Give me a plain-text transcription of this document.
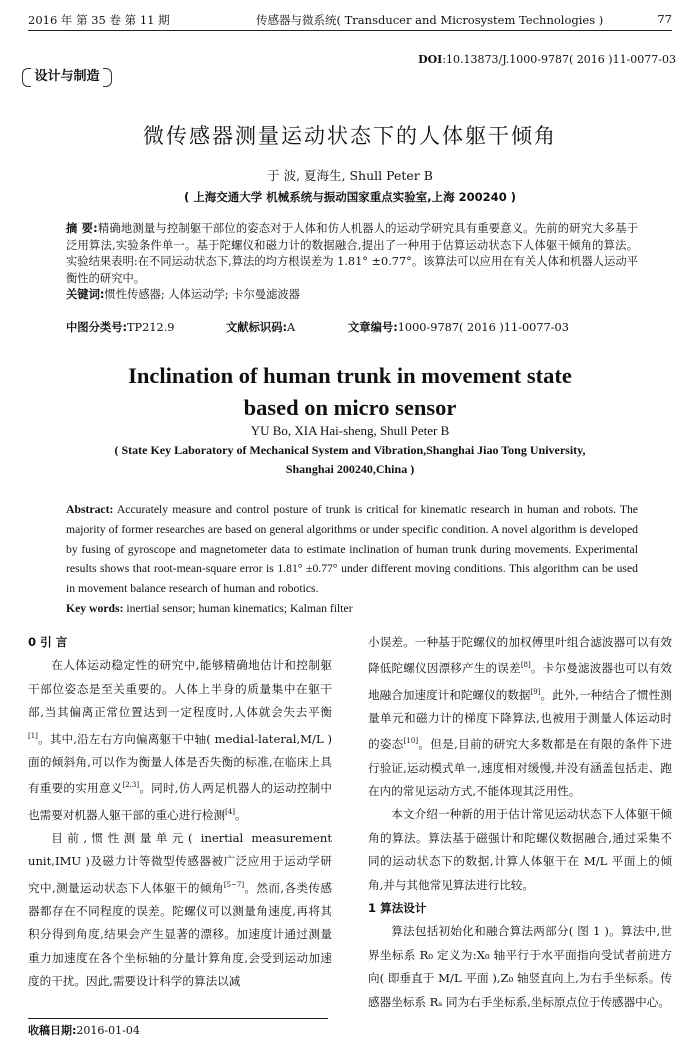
2016 年 第 35 卷 第 11 期	传感器与微系统( Transducer and Microsystem Technologies )	77
DOI:10.13873/J.1000-9787( 2016 )11-0077-03
设计与制造
微传感器测量运动状态下的人体躯干倾角
于 波, 夏海生, Shull Peter B
( 上海交通大学 机械系统与振动国家重点实验室,上海 200240 )
摘 要:精确地测量与控制躯干部位的姿态对于人体和仿人机器人的运动学研究具有重要意义。先前的研究大多基于泛用算法,实验条件单一。基于陀螺仪和磁力计的数据融合,提出了一种用于估算运动状态下人体躯干倾角的算法。实验结果表明:在不同运动状态下,算法的均方根误差为 1.81° ±0.77°。该算法可以应用在有关人体和机器人运动平衡性的研究中。
关键词:惯性传感器; 人体运动学; 卡尔曼滤波器
中图分类号:TP212.9	文献标识码:A	文章编号:1000-9787( 2016 )11-0077-03
Inclination of human trunk in movement state
based on micro sensor
YU Bo, XIA Hai-sheng, Shull Peter B
( State Key Laboratory of Mechanical System and Vibration,Shanghai Jiao Tong University,
Shanghai 200240,China )
Abstract: Accurately measure and control posture of trunk is critical for kinematic research in human and robots. The majority of former researches are based on general algorithms or under specific condition. A novel algorithm is developed by fusing of gyroscope and magnetometer data to estimate inclination of human trunk during movements. Experimental results shows that root-mean-square error is 1.81° ±0.77° under different moving conditions. This algorithm can be used in movement balance research of human and robotics.
Key words: inertial sensor; human kinematics; Kalman filter
0 引 言

在人体运动稳定性的研究中,能够精确地估计和控制躯干部位姿态是至关重要的。人体上半身的质量集中在躯干部,当其偏离正常位置达到一定程度时,人体就会失去平衡[1]。其中,沿左右方向偏离躯干中轴( medial-lateral,M/L )面的倾斜角,可以作为衡量人体是否失衡的标准,在临床上具有重要的实用意义[2,3]。同时,仿人两足机器人的运动控制中也需要对机器人躯干部的重心进行检测[4]。

目前,惯性测量单元( inertial measurement unit,IMU )及磁力计等微型传感器被广泛应用于运动学研究中,测量运动状态下人体躯干的倾角[5~7]。然而,各类传感器都存在不同程度的误差。陀螺仪可以测量角速度,再将其积分得到角度,结果会产生显著的漂移。加速度计通过测量重力加速度在各个坐标轴的分量计算角度,会受到运动加速度的干扰。因此,需要设计科学的算法以减

小误差。一种基于陀螺仪的加权傅里叶组合滤波器可以有效降低陀螺仪因漂移产生的误差[8]。卡尔曼滤波器也可以有效地融合加速度计和陀螺仪的数据[9]。此外,一种结合了惯性测量单元和磁力计的梯度下降算法,也被用于测量人体运动时的姿态[10]。但是,目前的研究大多数都是在有限的条件下进行验证,运动模式单一,速度相对缓慢,并没有涵盖包括走、跑在内的常见运动方式,不能体现其泛用性。

本文介绍一种新的用于估计常见运动状态下人体躯干倾角的算法。算法基于磁强计和陀螺仪数据融合,通过采集不同的运动状态下的数据,计算人体躯干在 M/L 平面上的倾角,并与其他常见算法进行比较。

1 算法设计

算法包括初始化和融合算法两部分( 图 1 )。算法中,世界坐标系 R₀ 定义为:X₀ 轴平行于水平面指向受试者前进方向( 即垂直于 M/L 平面 ),Z₀ 轴竖直向上,为右手坐标系。传感器坐标系 Rₛ 同为右手坐标系,坐标原点位于传感器中心。

收稿日期:2016-01-04
